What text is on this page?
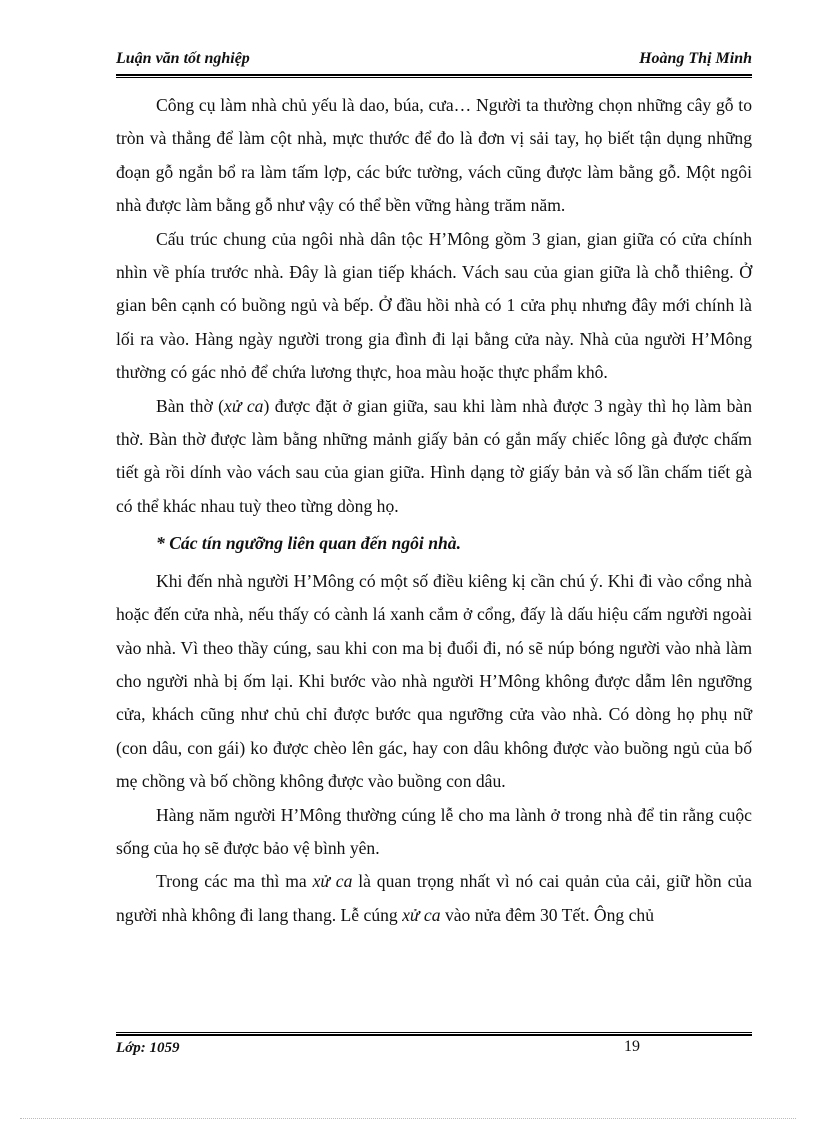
Luận văn tốt nghiệp	Hoàng Thị Minh

Công cụ làm nhà chủ yếu là dao, búa, cưa… Người ta thường chọn những cây gỗ to tròn và thẳng để làm cột nhà, mực thước để đo là đơn vị sải tay, họ biết tận dụng những đoạn gỗ ngắn bổ ra làm tấm lợp, các bức tường, vách cũng được làm bằng gỗ. Một ngôi nhà được làm bằng gỗ như vậy có thể bền vững hàng trăm năm.

Cấu trúc chung của ngôi nhà dân tộc H’Mông gồm 3 gian, gian giữa có cửa chính nhìn về phía trước nhà. Đây là gian tiếp khách. Vách sau của gian giữa là chỗ thiêng. Ở gian bên cạnh có buồng ngủ và bếp. Ở đầu hồi nhà có 1 cửa phụ nhưng đây mới chính là lối ra vào. Hàng ngày người trong gia đình đi lại bằng cửa này. Nhà của người H’Mông thường có gác nhỏ để chứa lương thực, hoa màu hoặc thực phẩm khô.

Bàn thờ (xử ca) được đặt ở gian giữa, sau khi làm nhà được 3 ngày thì họ làm bàn thờ. Bàn thờ được làm bằng những mảnh giấy bản có gắn mấy chiếc lông gà được chấm tiết gà rồi dính vào vách sau của gian giữa. Hình dạng tờ giấy bản và số lần chấm tiết gà có thể khác nhau tuỳ theo từng dòng họ.

* Các tín ngưỡng liên quan đến ngôi nhà.

Khi đến nhà người H’Mông có một số điều kiêng kị cần chú ý. Khi đi vào cổng nhà hoặc đến cửa nhà, nếu thấy có cành lá xanh cắm ở cổng, đấy là dấu hiệu cấm người ngoài vào nhà. Vì theo thầy cúng, sau khi con ma bị đuổi đi, nó sẽ núp bóng người vào nhà làm cho người nhà bị ốm lại. Khi bước vào nhà người H’Mông không được dẫm lên ngưỡng cửa, khách cũng như chủ chỉ được bước qua ngưỡng cửa vào nhà. Có dòng họ phụ nữ (con dâu, con gái) ko được chèo lên gác, hay con dâu không được vào buồng ngủ của bố mẹ chồng và bố chồng không được vào buồng con dâu.

Hàng năm người H’Mông thường cúng lễ cho ma lành ở trong nhà để tin rằng cuộc sống của họ sẽ được bảo vệ bình yên.

Trong các ma thì ma xử ca là quan trọng nhất vì nó cai quản của cải, giữ hồn của người nhà không đi lang thang. Lễ cúng xử ca vào nửa đêm 30 Tết. Ông chủ

Lớp: 1059	19
